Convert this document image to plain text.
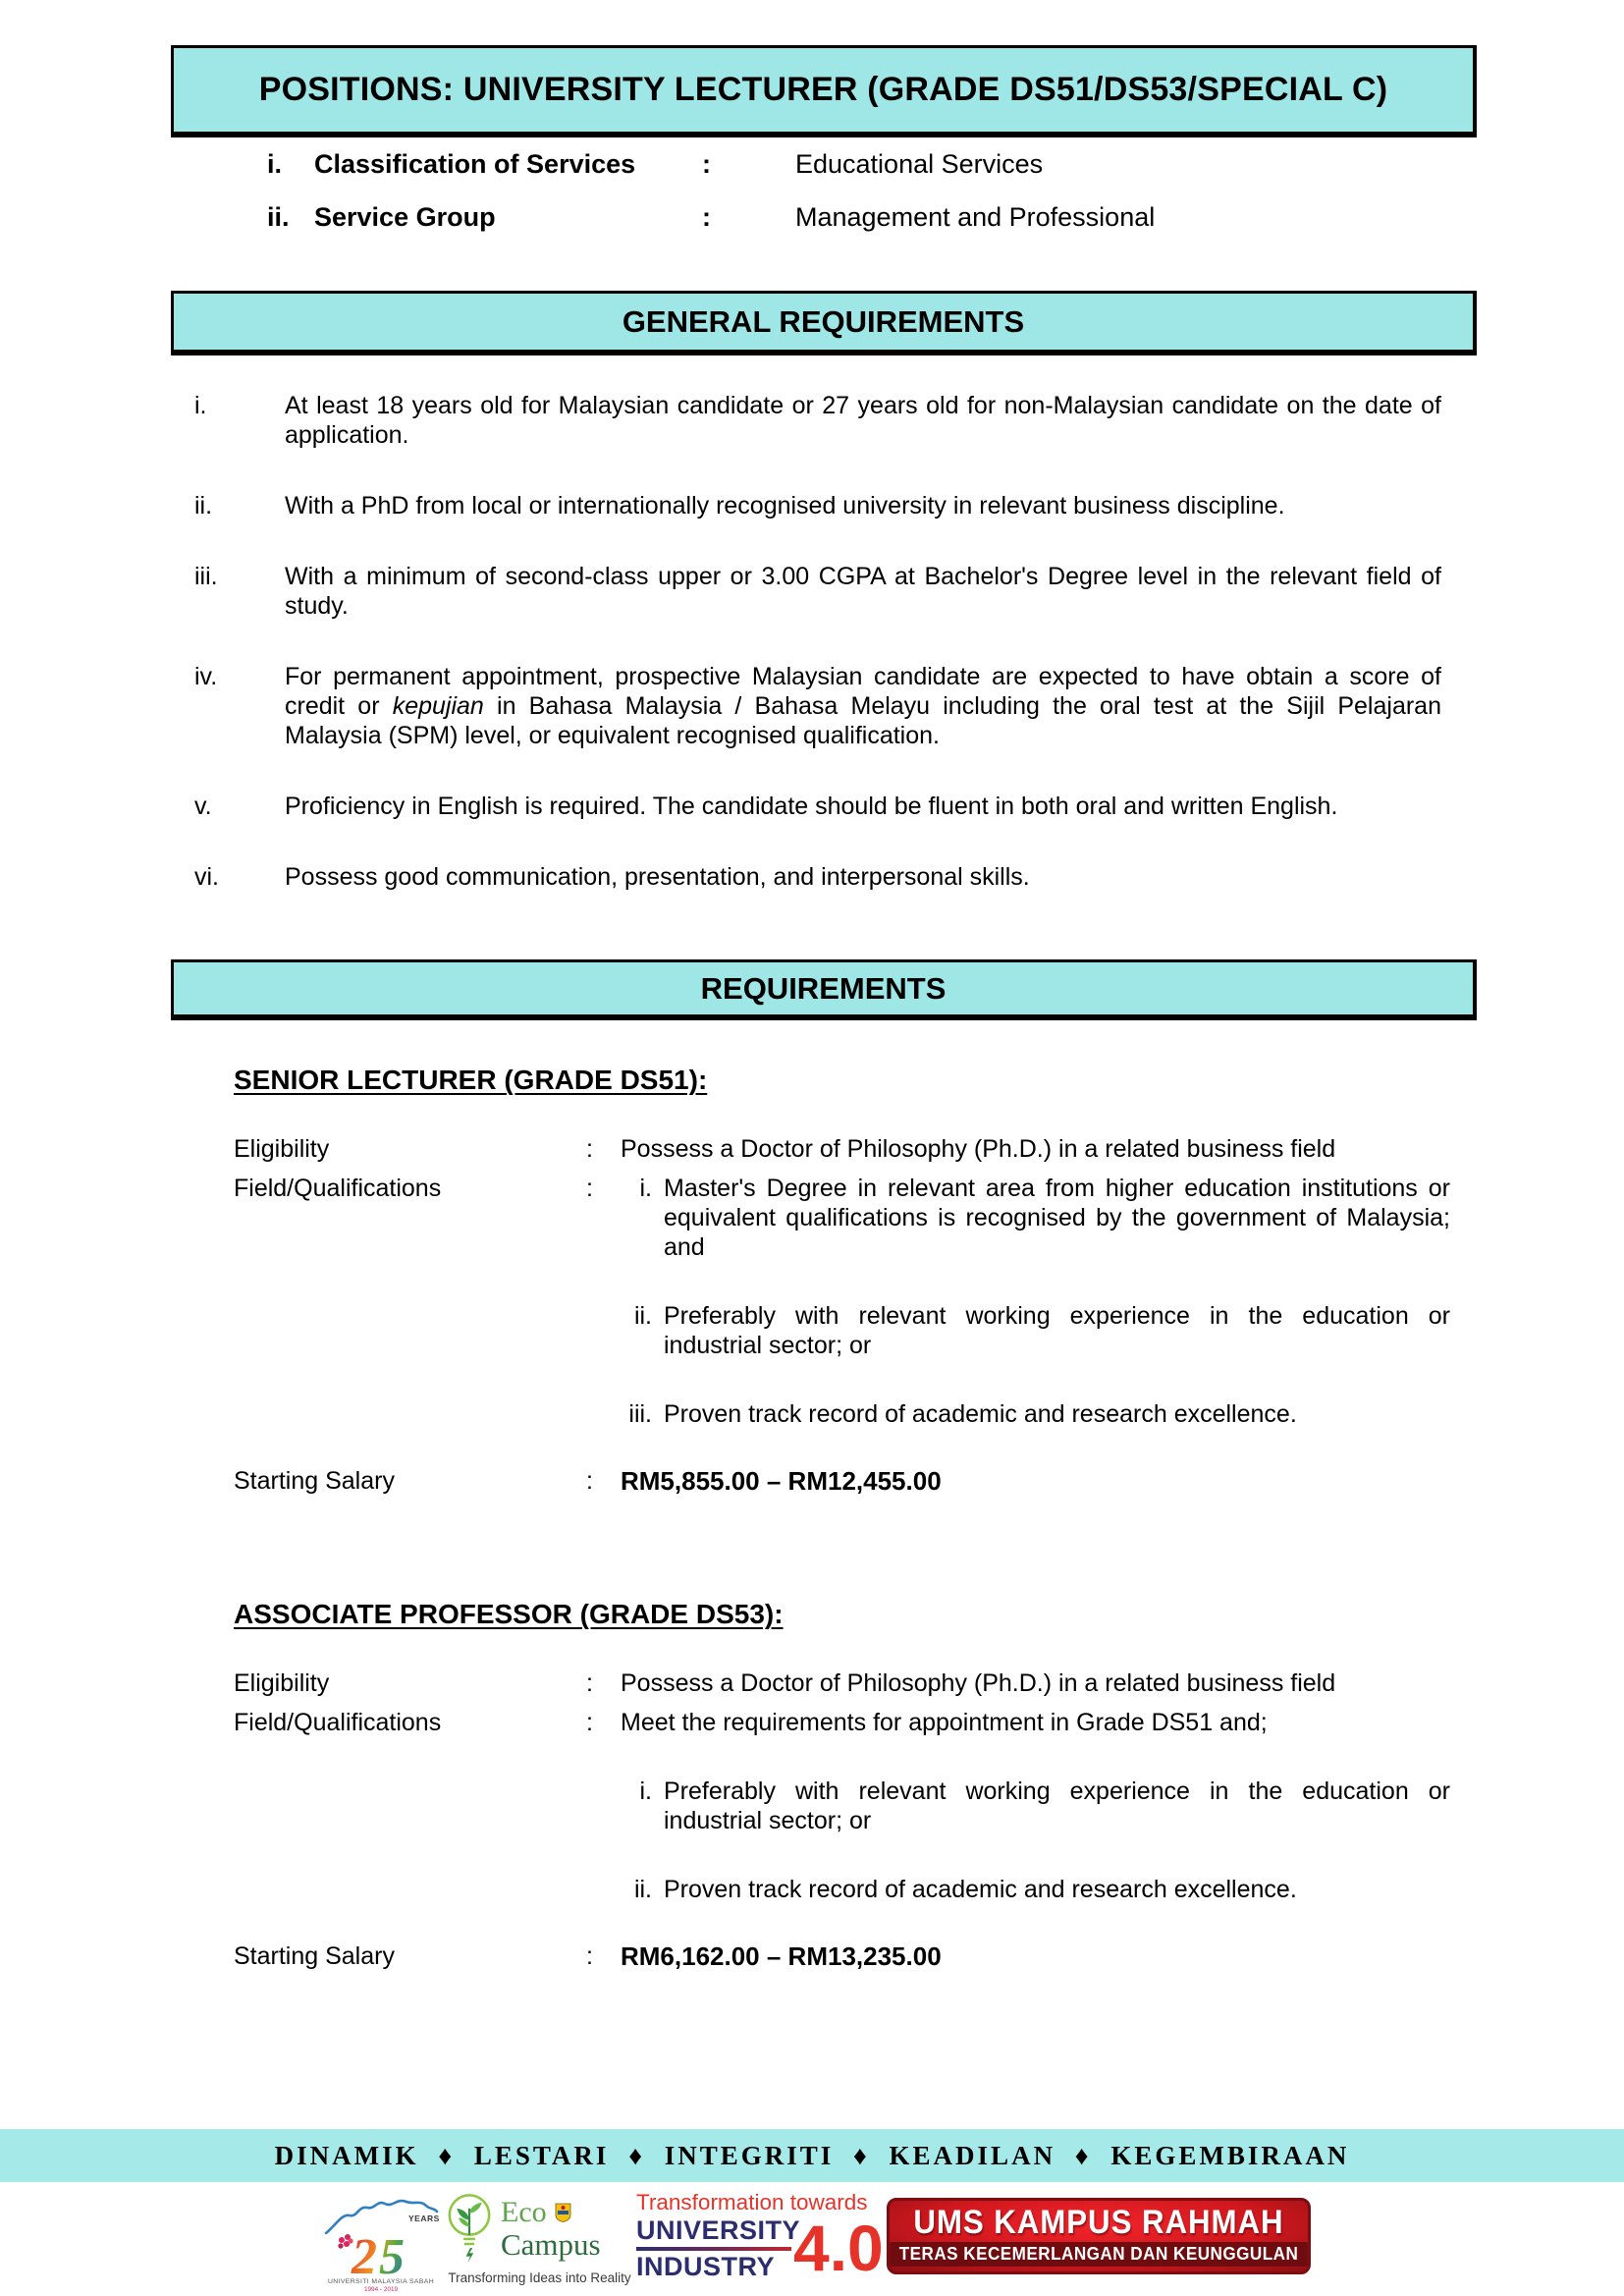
POSITIONS: UNIVERSITY LECTURER (GRADE DS51/DS53/SPECIAL C)
i.	Classification of Services	:	Educational Services
ii. Service Group	:	Management and Professional
GENERAL REQUIREMENTS
i.	At least 18 years old for Malaysian candidate or 27 years old for non-Malaysian candidate on the date of application.
ii.	With a PhD from local or internationally recognised university in relevant business discipline.
iii.	With a minimum of second-class upper or 3.00 CGPA at Bachelor's Degree level in the relevant field of study.
iv.	For permanent appointment, prospective Malaysian candidate are expected to have obtain a score of credit or kepujian in Bahasa Malaysia / Bahasa Melayu including the oral test at the Sijil Pelajaran Malaysia (SPM) level, or equivalent recognised qualification.
v.	Proficiency in English is required. The candidate should be fluent in both oral and written English.
vi.	Possess good communication, presentation, and interpersonal skills.
REQUIREMENTS
SENIOR LECTURER (GRADE DS51):
Eligibility	:	Possess a Doctor of Philosophy (Ph.D.) in a related business field
Field/Qualifications	:	i. Master's Degree in relevant area from higher education institutions or equivalent qualifications is recognised by the government of Malaysia; and
ii. Preferably with relevant working experience in the education or industrial sector; or
iii. Proven track record of academic and research excellence.
Starting Salary	:	RM5,855.00 – RM12,455.00
ASSOCIATE PROFESSOR (GRADE DS53):
Eligibility	:	Possess a Doctor of Philosophy (Ph.D.) in a related business field
Field/Qualifications	:	Meet the requirements for appointment in Grade DS51 and;
i. Preferably with relevant working experience in the education or industrial sector; or
ii. Proven track record of academic and research excellence.
Starting Salary	:	RM6,162.00 – RM13,235.00
DINAMIK ♦ LESTARI ♦ INTEGRITI ♦ KEADILAN ♦ KEGEMBIRAAN
2 5
YEARS
UNIVERSITI MALAYSIA SABAH
1994 - 2019
Eco
Campus
Transforming Ideas into Reality
Transformation towards
UNIVERSITY
INDUSTRY 4.0 UMS KAMPUS RAHMAH
TERAS KECEMERLANGAN DAN KEUNGGULAN
